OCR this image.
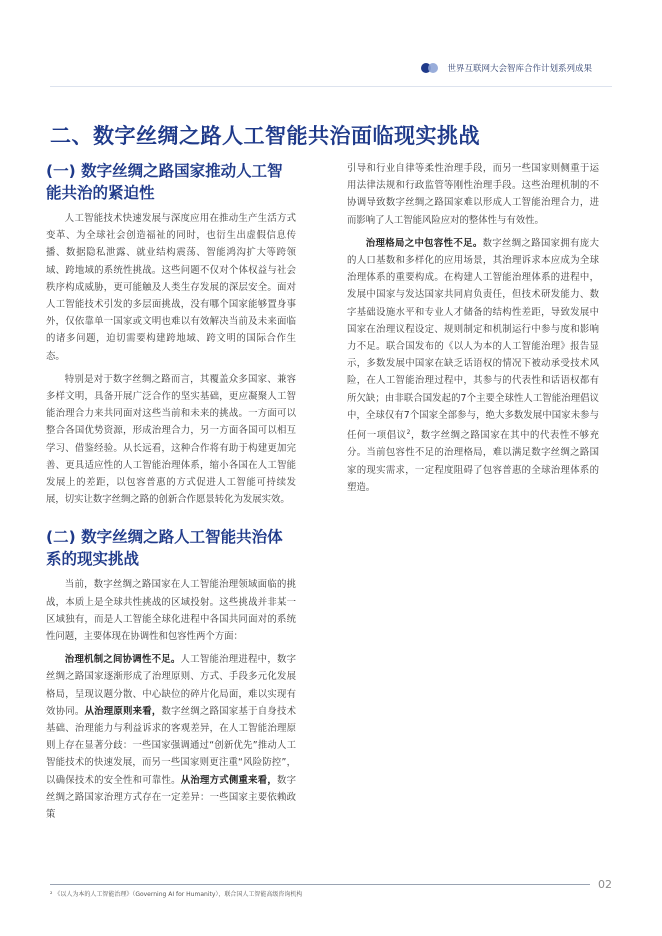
世界互联网大会智库合作计划系列成果
二、数字丝绸之路人工智能共治面临现实挑战
(一) 数字丝绸之路国家推动人工智能共治的紧迫性

人工智能技术快速发展与深度应用在推动生产生活方式变革、为全球社会创造福祉的同时，也衍生出虚假信息传播、数据隐私泄露、就业结构震荡、智能鸿沟扩大等跨领域、跨地域的系统性挑战。这些问题不仅对个体权益与社会秩序构成威胁，更可能触及人类生存发展的深层安全。面对人工智能技术引发的多层面挑战，没有哪个国家能够置身事外，仅依靠单一国家或文明也难以有效解决当前及未来面临的诸多问题，迫切需要构建跨地域、跨文明的国际合作生态。

特别是对于数字丝绸之路而言，其覆盖众多国家、兼容多样文明，具备开展广泛合作的坚实基础，更应凝聚人工智能治理合力来共同面对这些当前和未来的挑战。一方面可以整合各国优势资源，形成治理合力，另一方面各国可以相互学习、借鉴经验。从长远看，这种合作将有助于构建更加完善、更具适应性的人工智能治理体系，缩小各国在人工智能发展上的差距，以包容普惠的方式促进人工智能可持续发展，切实让数字丝绸之路的创新合作愿景转化为发展实效。

(二) 数字丝绸之路人工智能共治体系的现实挑战

当前，数字丝绸之路国家在人工智能治理领域面临的挑战，本质上是全球共性挑战的区域投射。这些挑战并非某一区域独有，而是人工智能全球化进程中各国共同面对的系统性问题，主要体现在协调性和包容性两个方面：

治理机制之间协调性不足。人工智能治理进程中，数字丝绸之路国家逐渐形成了治理原则、方式、手段多元化发展格局，呈现议题分散、中心缺位的碎片化局面，难以实现有效协同。从治理原则来看，数字丝绸之路国家基于自身技术基础、治理能力与利益诉求的客观差异，在人工智能治理原则上存在显著分歧：一些国家强调通过“创新优先”推动人工智能技术的快速发展，而另一些国家则更注重“风险防控”，以确保技术的安全性和可靠性。从治理方式侧重来看，数字丝绸之路国家治理方式存在一定差异：一些国家主要依赖政策

引导和行业自律等柔性治理手段，而另一些国家则侧重于运用法律法规和行政监管等刚性治理手段。这些治理机制的不协调导致数字丝绸之路国家难以形成人工智能治理合力，进而影响了人工智能风险应对的整体性与有效性。

治理格局之中包容性不足。数字丝绸之路国家拥有庞大的人口基数和多样化的应用场景，其治理诉求本应成为全球治理体系的重要构成。在构建人工智能治理体系的进程中，发展中国家与发达国家共同肩负责任，但技术研发能力、数字基础设施水平和专业人才储备的结构性差距，导致发展中国家在治理议程设定、规则制定和机制运行中参与度和影响力不足。联合国发布的《以人为本的人工智能治理》报告显示，多数发展中国家在缺乏话语权的情况下被动承受技术风险，在人工智能治理过程中，其参与的代表性和话语权都有所欠缺；由非联合国发起的7个主要全球性人工智能治理倡议中，全球仅有7个国家全部参与，绝大多数发展中国家未参与任何一项倡议$^2$，数字丝绸之路国家在其中的代表性不够充分。当前包容性不足的治理格局，难以满足数字丝绸之路国家的现实需求，一定程度阻碍了包容普惠的全球治理体系的塑造。

² 《以人为本的人工智能治理》（Governing AI for Humanity），联合国人工智能高级咨询机构
02
